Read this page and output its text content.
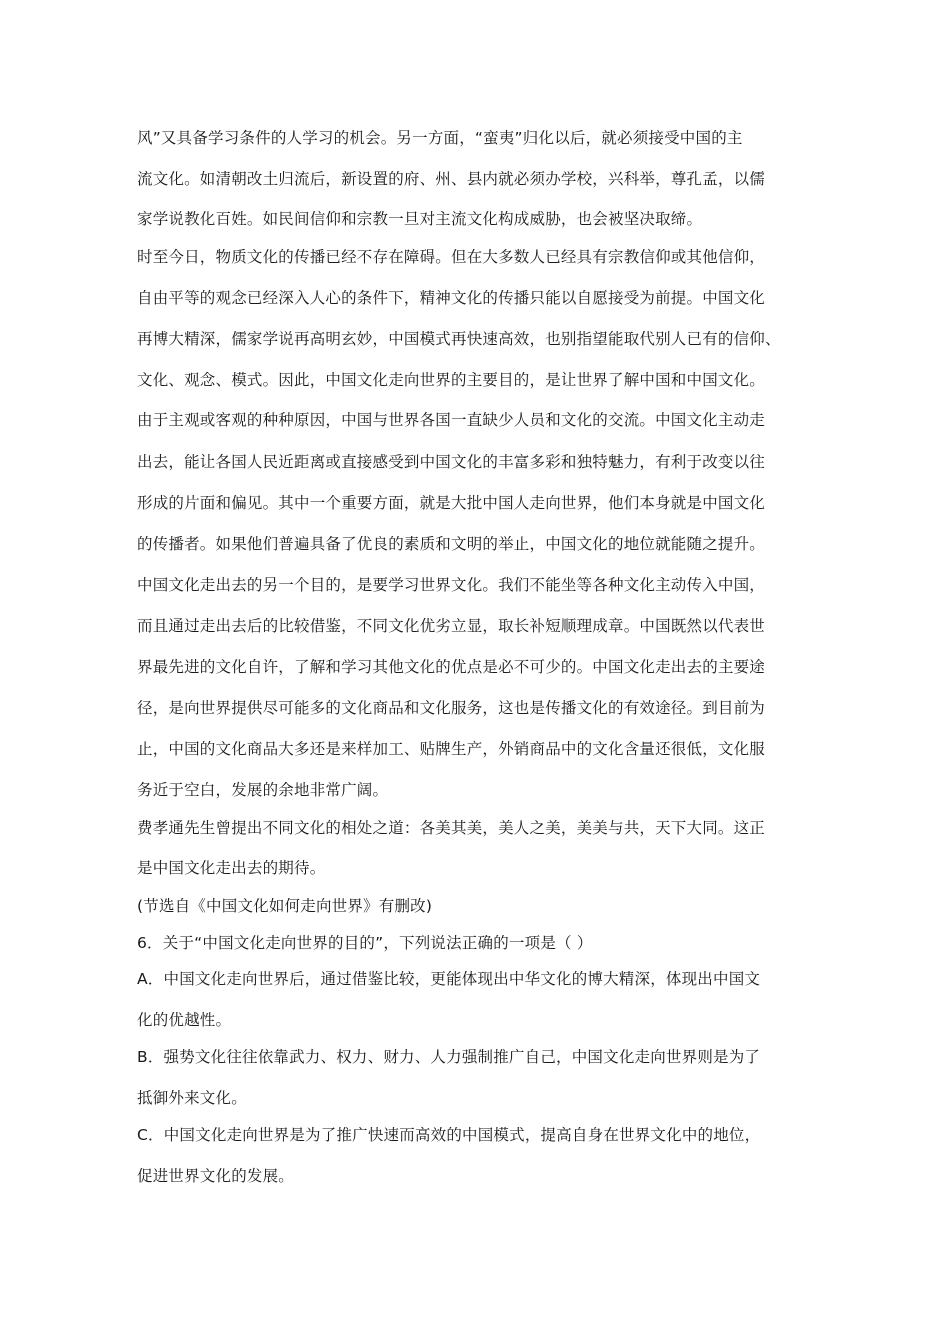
风”又具备学习条件的人学习的机会。另一方面，“蛮夷”归化以后，就必须接受中国的主
流文化。如清朝改土归流后，新设置的府、州、县内就必须办学校，兴科举，尊孔孟，以儒
家学说教化百姓。如民间信仰和宗教一旦对主流文化构成威胁，也会被坚决取缔。
时至今日，物质文化的传播已经不存在障碍。但在大多数人已经具有宗教信仰或其他信仰，
自由平等的观念已经深入人心的条件下，精神文化的传播只能以自愿接受为前提。中国文化
再博大精深，儒家学说再高明玄妙，中国模式再快速高效，也别指望能取代别人已有的信仰、
文化、观念、模式。因此，中国文化走向世界的主要目的，是让世界了解中国和中国文化。
由于主观或客观的种种原因，中国与世界各国一直缺少人员和文化的交流。中国文化主动走
出去，能让各国人民近距离或直接感受到中国文化的丰富多彩和独特魅力，有利于改变以往
形成的片面和偏见。其中一个重要方面，就是大批中国人走向世界，他们本身就是中国文化
的传播者。如果他们普遍具备了优良的素质和文明的举止，中国文化的地位就能随之提升。
中国文化走出去的另一个目的，是要学习世界文化。我们不能坐等各种文化主动传入中国，
而且通过走出去后的比较借鉴，不同文化优劣立显，取长补短顺理成章。中国既然以代表世
界最先进的文化自许，了解和学习其他文化的优点是必不可少的。中国文化走出去的主要途
径，是向世界提供尽可能多的文化商品和文化服务，这也是传播文化的有效途径。到目前为
止，中国的文化商品大多还是来样加工、贴牌生产，外销商品中的文化含量还很低，文化服
务近于空白，发展的余地非常广阔。
费孝通先生曾提出不同文化的相处之道：各美其美，美人之美，美美与共，天下大同。这正
是中国文化走出去的期待。
(节选自《中国文化如何走向世界》有删改)
6．关于“中国文化走向世界的目的”，下列说法正确的一项是（ ）
A．中国文化走向世界后，通过借鉴比较，更能体现出中华文化的博大精深，体现出中国文
化的优越性。
B．强势文化往往依靠武力、权力、财力、人力强制推广自己，中国文化走向世界则是为了
抵御外来文化。
C．中国文化走向世界是为了推广快速而高效的中国模式，提高自身在世界文化中的地位，
促进世界文化的发展。
